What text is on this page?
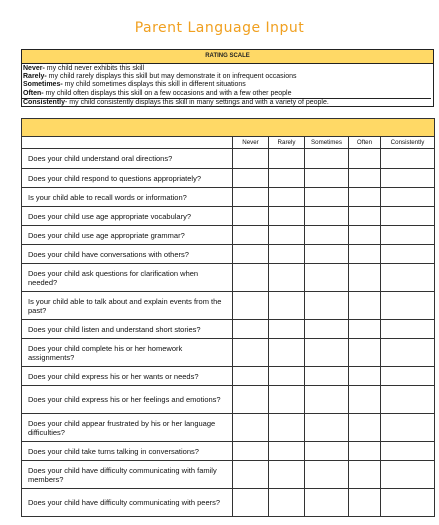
Parent Language Input
RATING SCALE
Never- my child never exhibits this skill
Rarely- my child rarely displays this skill but may demonstrate it on infrequent occasions
Sometimes- my child sometimes displays this skill in different situations
Often- my child often displays this skill on a few occasions and with a few other people
Consistently- my child consistently displays this skill in many settings and with a variety of people.

	Never	Rarely	Sometimes	Often	Consistently
Does your child understand oral directions?					
Does your child respond to questions appropriately?					
Is your child able to recall words or information?					
Does your child use age appropriate vocabulary?					
Does your child use age appropriate grammar?					
Does your child have conversations with others?					
Does your child ask questions for clarification when needed?					
Is your child able to talk about and explain events from the past?					
Does your child listen and understand short stories?					
Does your child complete his or her homework assignments?					
Does your child express his or her wants or needs?					
Does your child express his or her feelings and emotions?					
Does your child appear frustrated by his or her language difficulties?					
Does your child take turns talking in conversations?					
Does your child have difficulty communicating with family members?					
Does your child have difficulty communicating with peers?					
